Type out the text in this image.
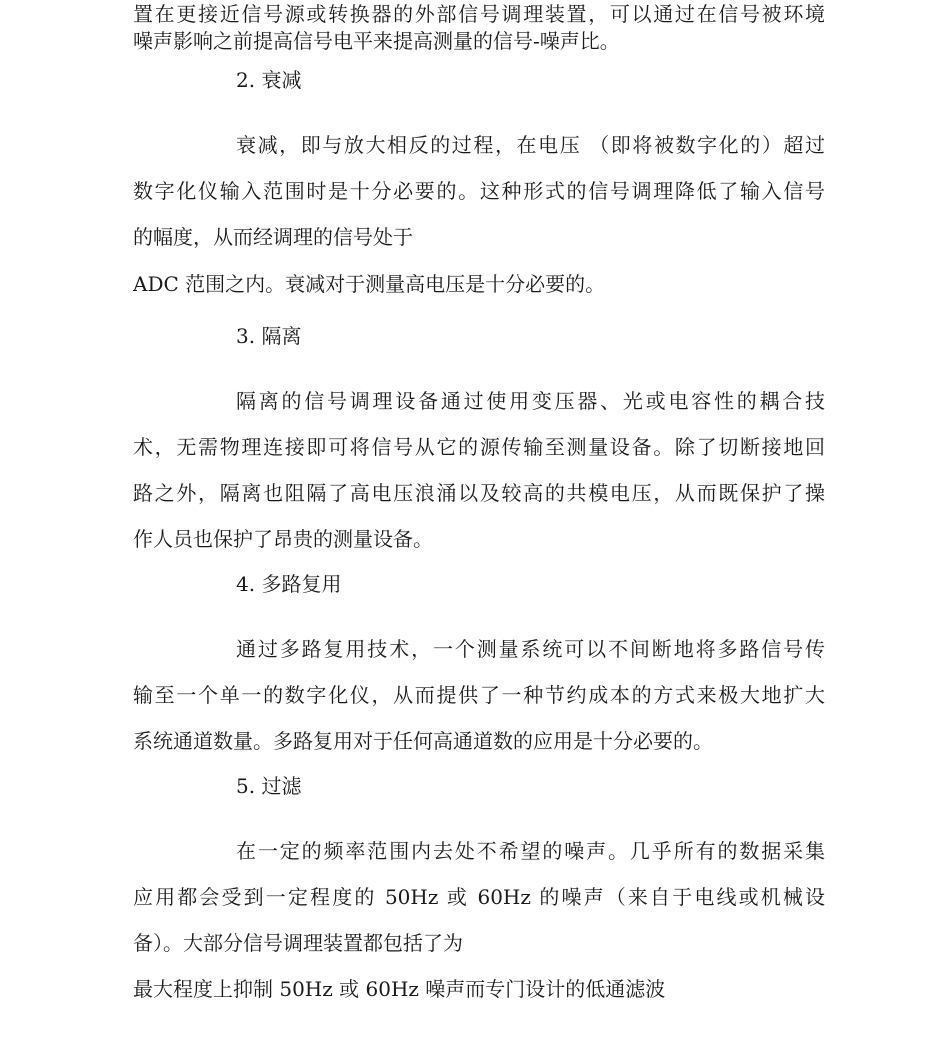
置在更接近信号源或转换器的外部信号调理装置，可以通过在信号被环境
噪声影响之前提高信号电平来提高测量的信号-噪声比。
2. 衰减
衰减，即与放大相反的过程，在电压 （即将被数字化的）超过
数字化仪输入范围时是十分必要的。这种形式的信号调理降低了输入信号
的幅度，从而经调理的信号处于
ADC 范围之内。衰减对于测量高电压是十分必要的。
3. 隔离
隔离的信号调理设备通过使用变压器、光或电容性的耦合技
术，无需物理连接即可将信号从它的源传输至测量设备。除了切断接地回
路之外，隔离也阻隔了高电压浪涌以及较高的共模电压，从而既保护了操
作人员也保护了昂贵的测量设备。
4. 多路复用
通过多路复用技术，一个测量系统可以不间断地将多路信号传
输至一个单一的数字化仪，从而提供了一种节约成本的方式来极大地扩大
系统通道数量。多路复用对于任何高通道数的应用是十分必要的。
5. 过滤
在一定的频率范围内去处不希望的噪声。几乎所有的数据采集
应用都会受到一定程度的 50Hz 或 60Hz 的噪声（来自于电线或机械设
备）。大部分信号调理装置都包括了为
最大程度上抑制 50Hz 或 60Hz 噪声而专门设计的低通滤波
